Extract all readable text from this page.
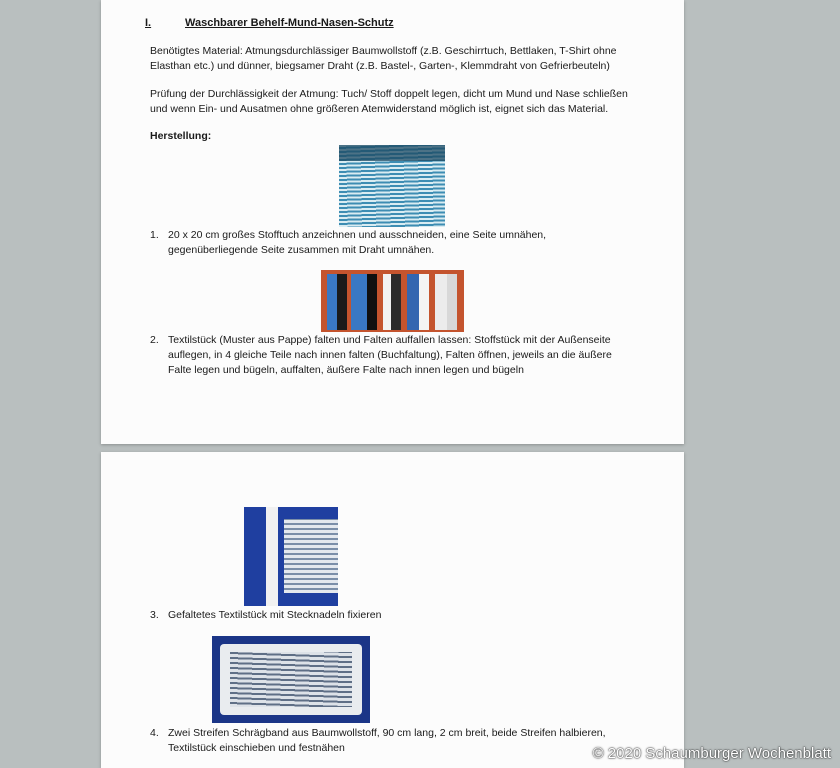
I.	Waschbarer Behelf-Mund-Nasen-Schutz
Benötigtes Material: Atmungsdurchlässiger Baumwollstoff (z.B. Geschirrtuch, Bettlaken, T-Shirt ohne
Elasthan etc.) und dünner, biegsamer Draht (z.B. Bastel-, Garten-, Klemmdraht von Gefrierbeuteln)
Prüfung der Durchlässigkeit der Atmung: Tuch/ Stoff doppelt legen, dicht um Mund und Nase schließen
und wenn Ein- und Ausatmen ohne größeren Atemwiderstand möglich ist, eignet sich das Material.
Herstellung:
1. 20 x 20 cm großes Stofftuch anzeichnen und ausschneiden, eine Seite umnähen,
gegenüberliegende Seite zusammen mit Draht umnähen.
2. Textilstück (Muster aus Pappe) falten und Falten auffallen lassen: Stoffstück mit der Außenseite
auflegen, in 4 gleiche Teile nach innen falten (Buchfaltung), Falten öffnen, jeweils an die äußere
Falte legen und bügeln, auffalten, äußere Falte nach innen legen und bügeln
3. Gefaltetes Textilstück mit Stecknadeln fixieren
4. Zwei Streifen Schrägband aus Baumwollstoff, 90 cm lang, 2 cm breit, beide Streifen halbieren,
Textilstück einschieben und festnähen	© 2020 Schaumburger Wochenblatt
